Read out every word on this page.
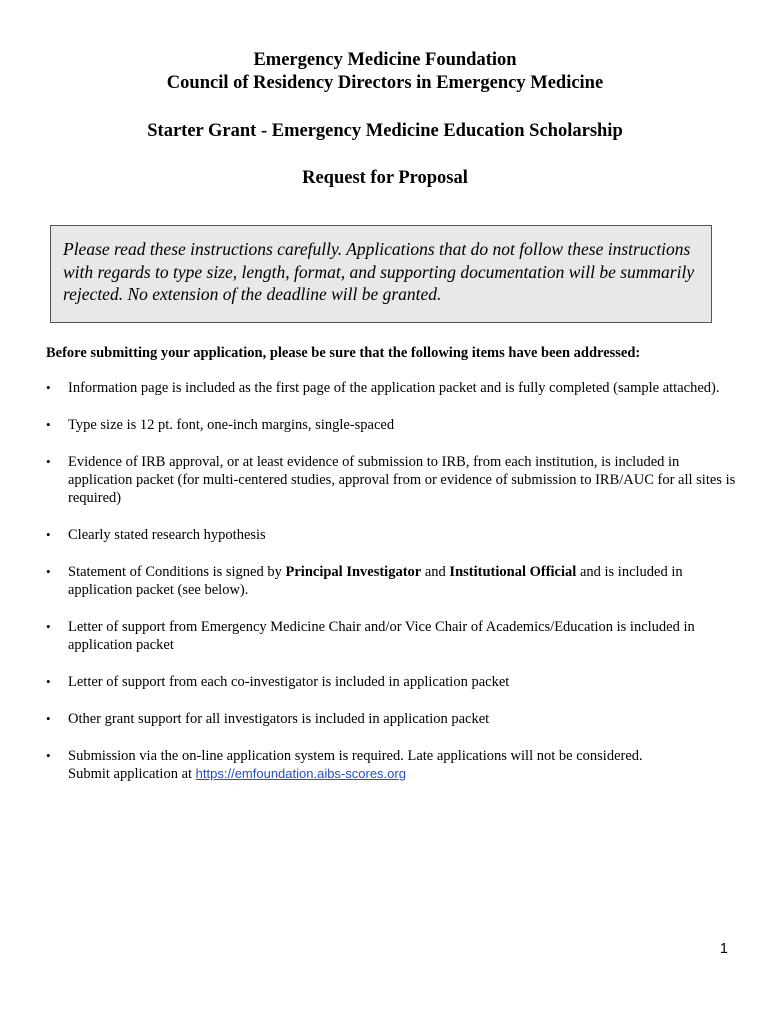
Emergency Medicine Foundation
Council of Residency Directors in Emergency Medicine
Starter Grant - Emergency Medicine Education Scholarship
Request for Proposal
Please read these instructions carefully. Applications that do not follow these instructions with regards to type size, length, format, and supporting documentation will be summarily rejected. No extension of the deadline will be granted.
Before submitting your application, please be sure that the following items have been addressed:
• Information page is included as the first page of the application packet and is fully completed (sample attached).
• Type size is 12 pt. font, one-inch margins, single-spaced
• Evidence of IRB approval, or at least evidence of submission to IRB, from each institution, is included in application packet (for multi-centered studies, approval from or evidence of submission to IRB/AUC for all sites is required)
• Clearly stated research hypothesis
• Statement of Conditions is signed by Principal Investigator and Institutional Official and is included in application packet (see below).
• Letter of support from Emergency Medicine Chair and/or Vice Chair of Academics/Education is included in application packet
• Letter of support from each co-investigator is included in application packet
• Other grant support for all investigators is included in application packet
• Submission via the on-line application system is required. Late applications will not be considered.
Submit application at https://emfoundation.aibs-scores.org
1
